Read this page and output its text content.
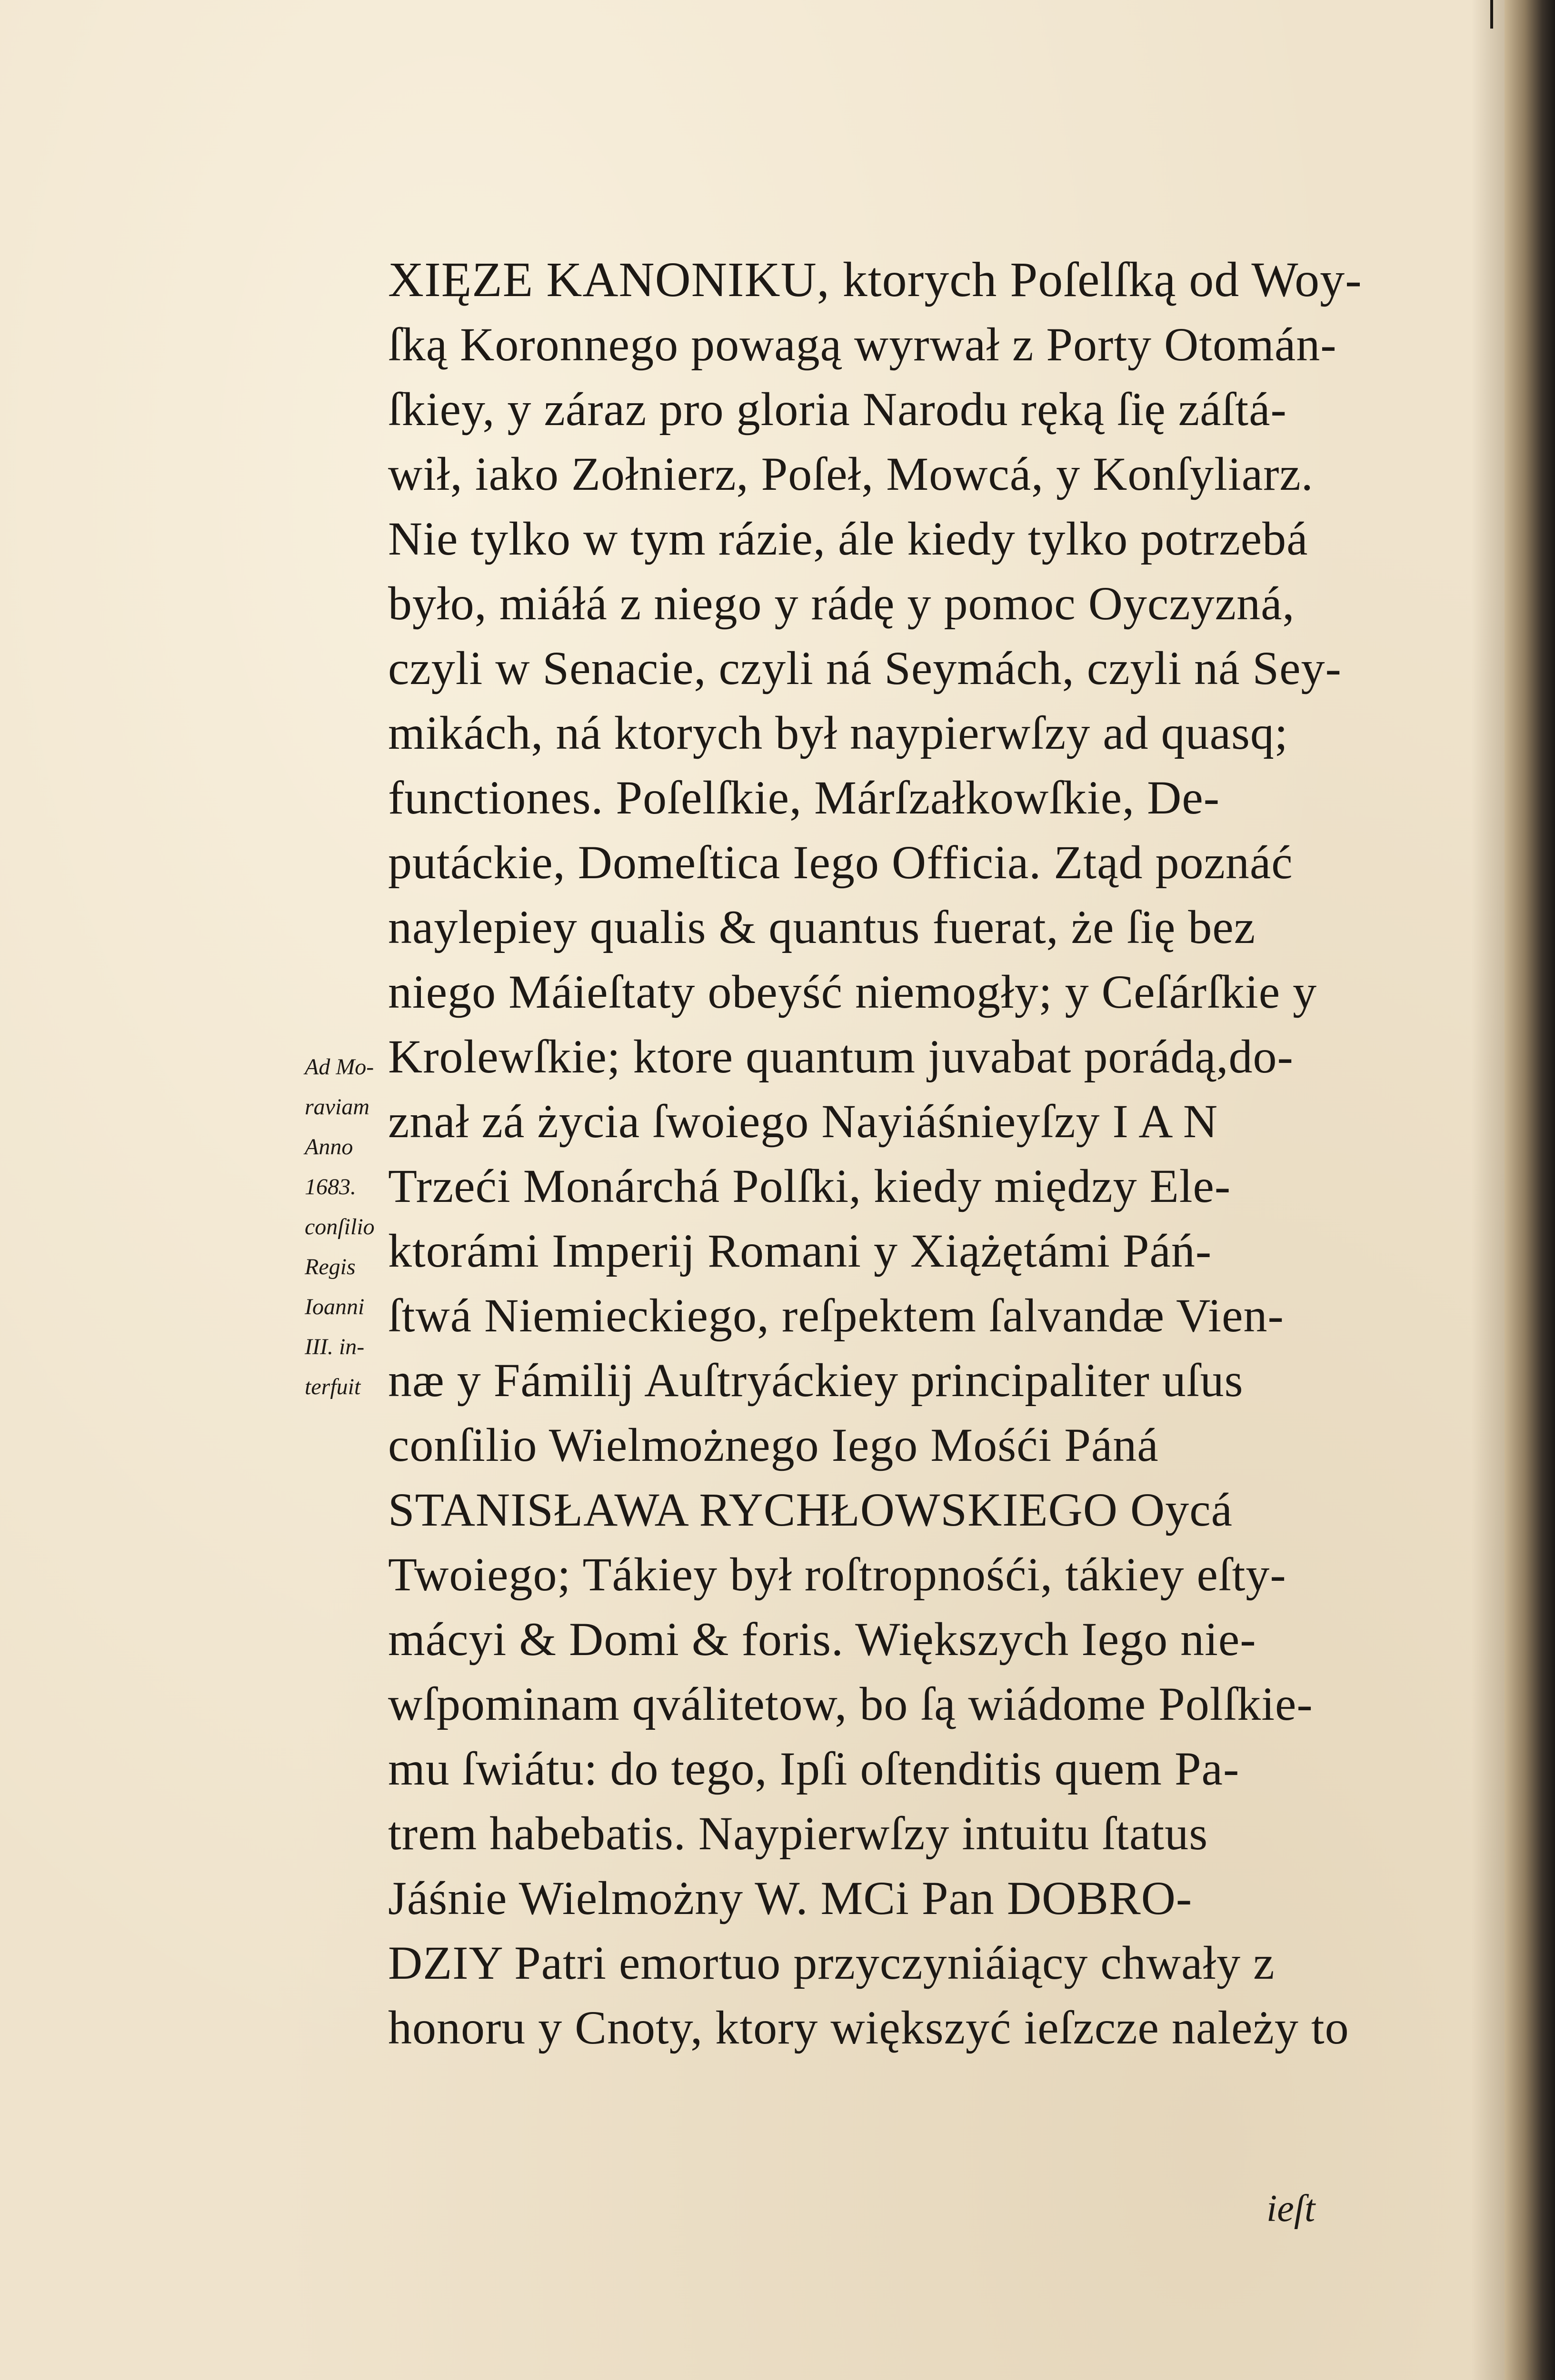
XIĘZE KANONIKU, ktorych Poſelſką od Woy-
ſką Koronnego powagą wyrwał z Porty Otomán-
ſkiey, y záraz pro gloria Narodu ręką ſię záſtá-
wił, iako Zołnierz, Poſeł, Mowcá, y Konſyliarz.
Nie tylko w tym rázie, ále kiedy tylko potrzebá
było, miáłá z niego y rádę y pomoc Oyczyzná,
czyli w Senacie, czyli ná Seymách, czyli ná Sey-
mikách, ná ktorych był naypierwſzy ad quasq;
functiones. Poſelſkie, Márſzałkowſkie, De-
putáckie, Domeſtica Iego Officia. Ztąd poznáć
naylepiey qualis & quantus fuerat, że ſię bez
niego Máieſtaty obeyść niemogły; y Ceſárſkie y
Krolewſkie; ktore quantum juvabat porádą,do-
znał zá życia ſwoiego Nayiáśnieyſzy I A N
Trzeći Monárchá Polſki, kiedy między Ele-
ktorámi Imperij Romani y Xiążętámi Páń-
ſtwá Niemieckiego, reſpektem ſalvandæ Vien-
næ y Fámilij Auſtryáckiey principaliter uſus
conſilio Wielmożnego Iego Mośći Páná
STANISŁAWA RYCHŁOWSKIEGO Oycá
Twoiego; Tákiey był roſtropnośći, tákiey eſty-
mácyi & Domi & foris. Większych Iego nie-
wſpominam qválitetow, bo ſą wiádome Polſkie-
mu ſwiátu: do tego, Ipſi oſtenditis quem Pa-
trem habebatis. Naypierwſzy intuitu ſtatus
Jáśnie Wielmożny W. MCi Pan DOBRO-
DZIY Patri emortuo przyczyniáiący chwały z
honoru y Cnoty, ktory większyć ieſzcze należy to
Ad Mo-
raviam
Anno
1683.
conſilio
Regis
Ioanni
III. in-
terfuit
ieſt
